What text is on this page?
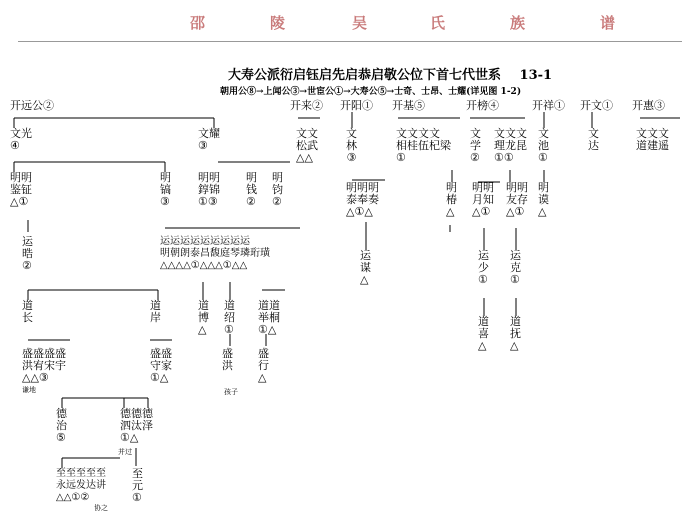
邵	陵	吴	氏	族	谱
大寿公派衍启钰启先启恭启敬公位下首七代世系 13-1
朝用公⑧→上闻公③→世宦公①→大寿公⑤→士奇、士昂、士耀(详见图 1-2)
开远公②	开来② 开阳① 开基⑤	开榜④	开祥① 开文① 开惠③
文光
④
文耀
③
文文
松武
△△
文
林
③
文文文文
相桂伍杞梁
①
文
学
②
文文文
理龙昆
①①
文
池
①
文
达
文文文
道建遥
明明
鉴钲
△①
明
镐
③
明明
錞锦
①③
明
钱
②
明
钧
②
明明明
泰奉奏
△①△
明
椿
△
明明
月知
△①
明明
友存
△①
明
谟
△
运
晧
②
运运运运运运运运运
明朝朗泰昌馥庭琴璘珩璜
△△△△①△△△①△△
运
谋
△
运
少
①
运
克
①
道
长
道
岸
道
博
△
道
绍
①
道道
举桐
①△
道
喜
△
道
抚
△
盛盛盛盛
洪宥宋宇
△△③
盛盛
守家
①△
盛
洪
盛
行
△
德
治
⑤
德德德
泗汰泽
①△
至至至至至
永远发达讲
△△①②
至
元
①
谦地	孩子
并过
协之
